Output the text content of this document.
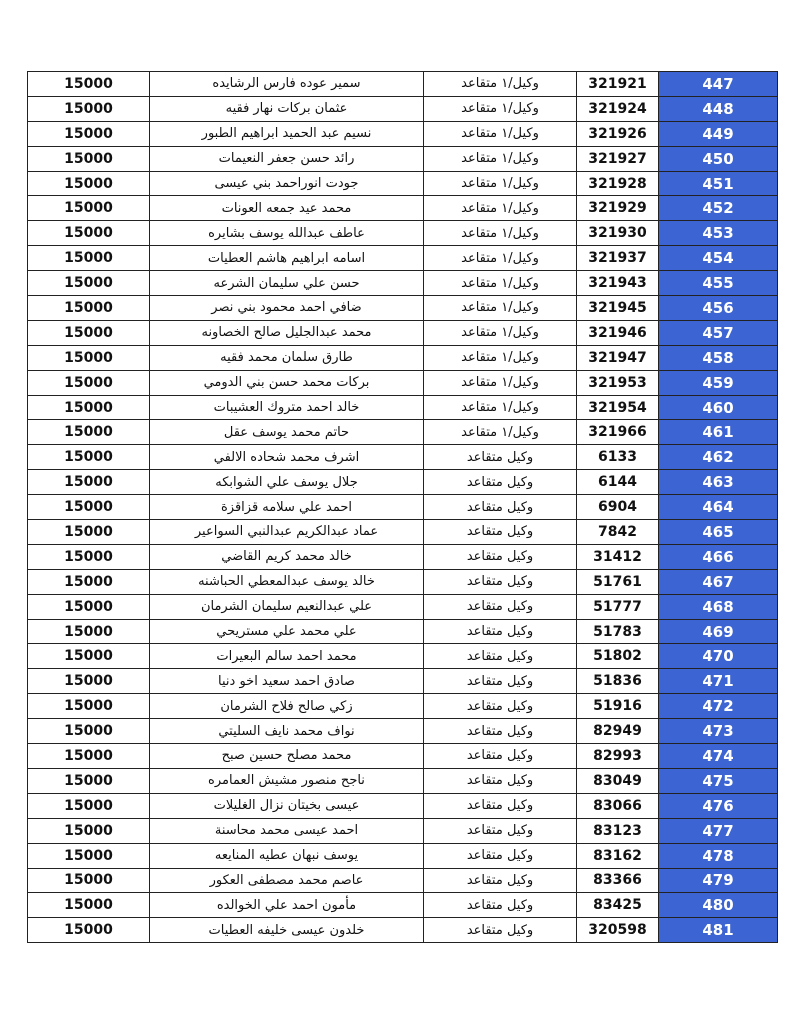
15000	سمير عوده فارس الرشايده	وكيل/١ متقاعد	321921	447
15000	عثمان بركات نهار فقيه	وكيل/١ متقاعد	321924	448
15000	نسيم عبد الحميد ابراهيم الطبور	وكيل/١ متقاعد	321926	449
15000	رائد حسن جعفر النعيمات	وكيل/١ متقاعد	321927	450
15000	جودت انوراحمد بني عيسى	وكيل/١ متقاعد	321928	451
15000	محمد عيد جمعه العونات	وكيل/١ متقاعد	321929	452
15000	عاطف عبدالله يوسف بشايره	وكيل/١ متقاعد	321930	453
15000	اسامه ابراهيم هاشم العطيات	وكيل/١ متقاعد	321937	454
15000	حسن علي سليمان الشرعه	وكيل/١ متقاعد	321943	455
15000	ضافي احمد محمود بني نصر	وكيل/١ متقاعد	321945	456
15000	محمد عبدالجليل صالح الخصاونه	وكيل/١ متقاعد	321946	457
15000	طارق سلمان محمد فقيه	وكيل/١ متقاعد	321947	458
15000	بركات محمد حسن بني الدومي	وكيل/١ متقاعد	321953	459
15000	خالد احمد متروك العشيبات	وكيل/١ متقاعد	321954	460
15000	حاتم محمد يوسف عقل	وكيل/١ متقاعد	321966	461
15000	اشرف محمد شحاده الالفي	وكيل متقاعد	6133	462
15000	جلال يوسف علي الشوابكه	وكيل متقاعد	6144	463
15000	احمد علي سلامه قزاقزة	وكيل متقاعد	6904	464
15000	عماد عبدالكريم عبدالنبي السواعير	وكيل متقاعد	7842	465
15000	خالد محمد كريم القاضي	وكيل متقاعد	31412	466
15000	خالد يوسف عبدالمعطي الحباشنه	وكيل متقاعد	51761	467
15000	علي عبدالنعيم سليمان الشرمان	وكيل متقاعد	51777	468
15000	علي محمد علي مستريحي	وكيل متقاعد	51783	469
15000	محمد احمد سالم البعيرات	وكيل متقاعد	51802	470
15000	صادق احمد سعيد اخو دنيا	وكيل متقاعد	51836	471
15000	زكي صالح فلاح الشرمان	وكيل متقاعد	51916	472
15000	نواف محمد نايف السليتي	وكيل متقاعد	82949	473
15000	محمد مصلح حسين صبح	وكيل متقاعد	82993	474
15000	ناجح منصور مشيش العمامره	وكيل متقاعد	83049	475
15000	عيسى بخيتان نزال الغليلات	وكيل متقاعد	83066	476
15000	احمد عيسى محمد محاسنة	وكيل متقاعد	83123	477
15000	يوسف نبهان عطيه المنايعه	وكيل متقاعد	83162	478
15000	عاصم محمد مصطفى العكور	وكيل متقاعد	83366	479
15000	مأمون احمد علي الخوالده	وكيل متقاعد	83425	480
15000	خلدون عيسى خليفه العطيات	وكيل متقاعد	320598	481
